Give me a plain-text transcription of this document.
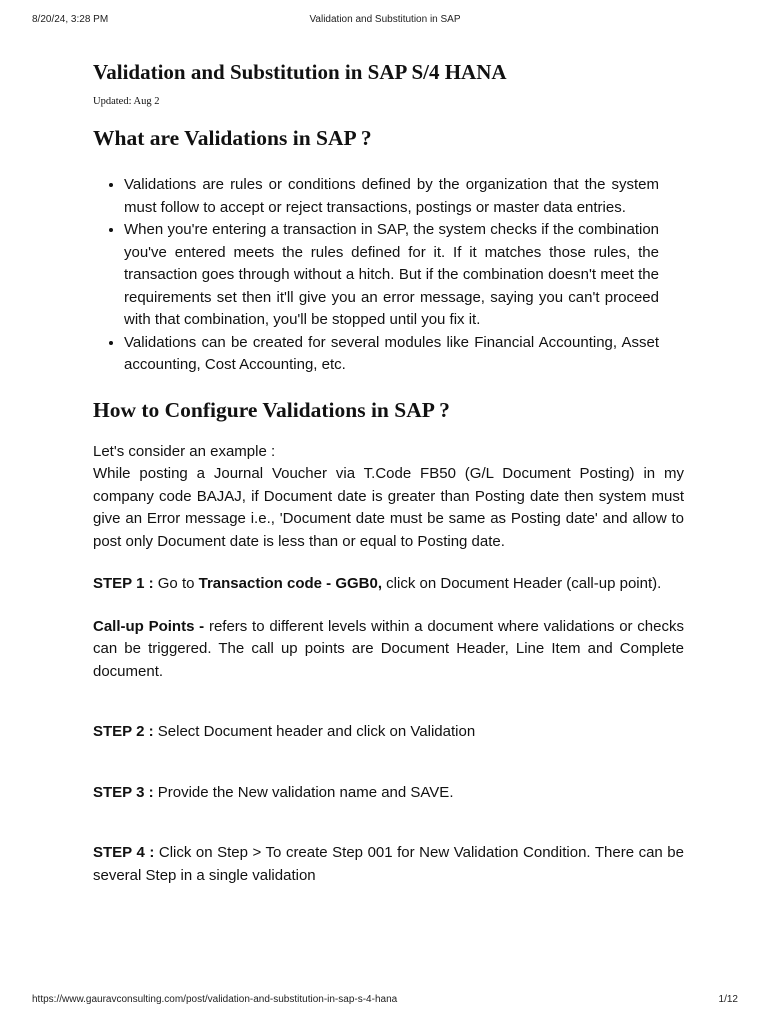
8/20/24, 3:28 PM	Validation and Substitution in SAP
Validation and Substitution in SAP S/4 HANA
Updated: Aug 2
What are Validations in SAP ?
• Validations are rules or conditions defined by the organization that the system must follow to accept or reject transactions, postings or master data entries.
• When you're entering a transaction in SAP, the system checks if the combination you've entered meets the rules defined for it. If it matches those rules, the transaction goes through without a hitch. But if the combination doesn't meet the requirements set then it'll give you an error message, saying you can't proceed with that combination, you'll be stopped until you fix it.
• Validations can be created for several modules like Financial Accounting, Asset accounting, Cost Accounting, etc.
How to Configure Validations in SAP ?

Let's consider an example :
While posting a Journal Voucher via T.Code FB50 (G/L Document Posting) in my company code BAJAJ, if Document date is greater than Posting date then system must give an Error message i.e., 'Document date must be same as Posting date' and allow to post only Document date is less than or equal to Posting date.

STEP 1 : Go to Transaction code - GGB0, click on Document Header (call-up point).

Call-up Points - refers to different levels within a document where validations or checks can be triggered. The call up points are Document Header, Line Item and Complete document.

STEP 2 : Select Document header and click on Validation

STEP 3 : Provide the New validation name and SAVE.

STEP 4 : Click on Step > To create Step 001 for New Validation Condition. There can be several Step in a single validation

https://www.gauravconsulting.com/post/validation-and-substitution-in-sap-s-4-hana	1/12
